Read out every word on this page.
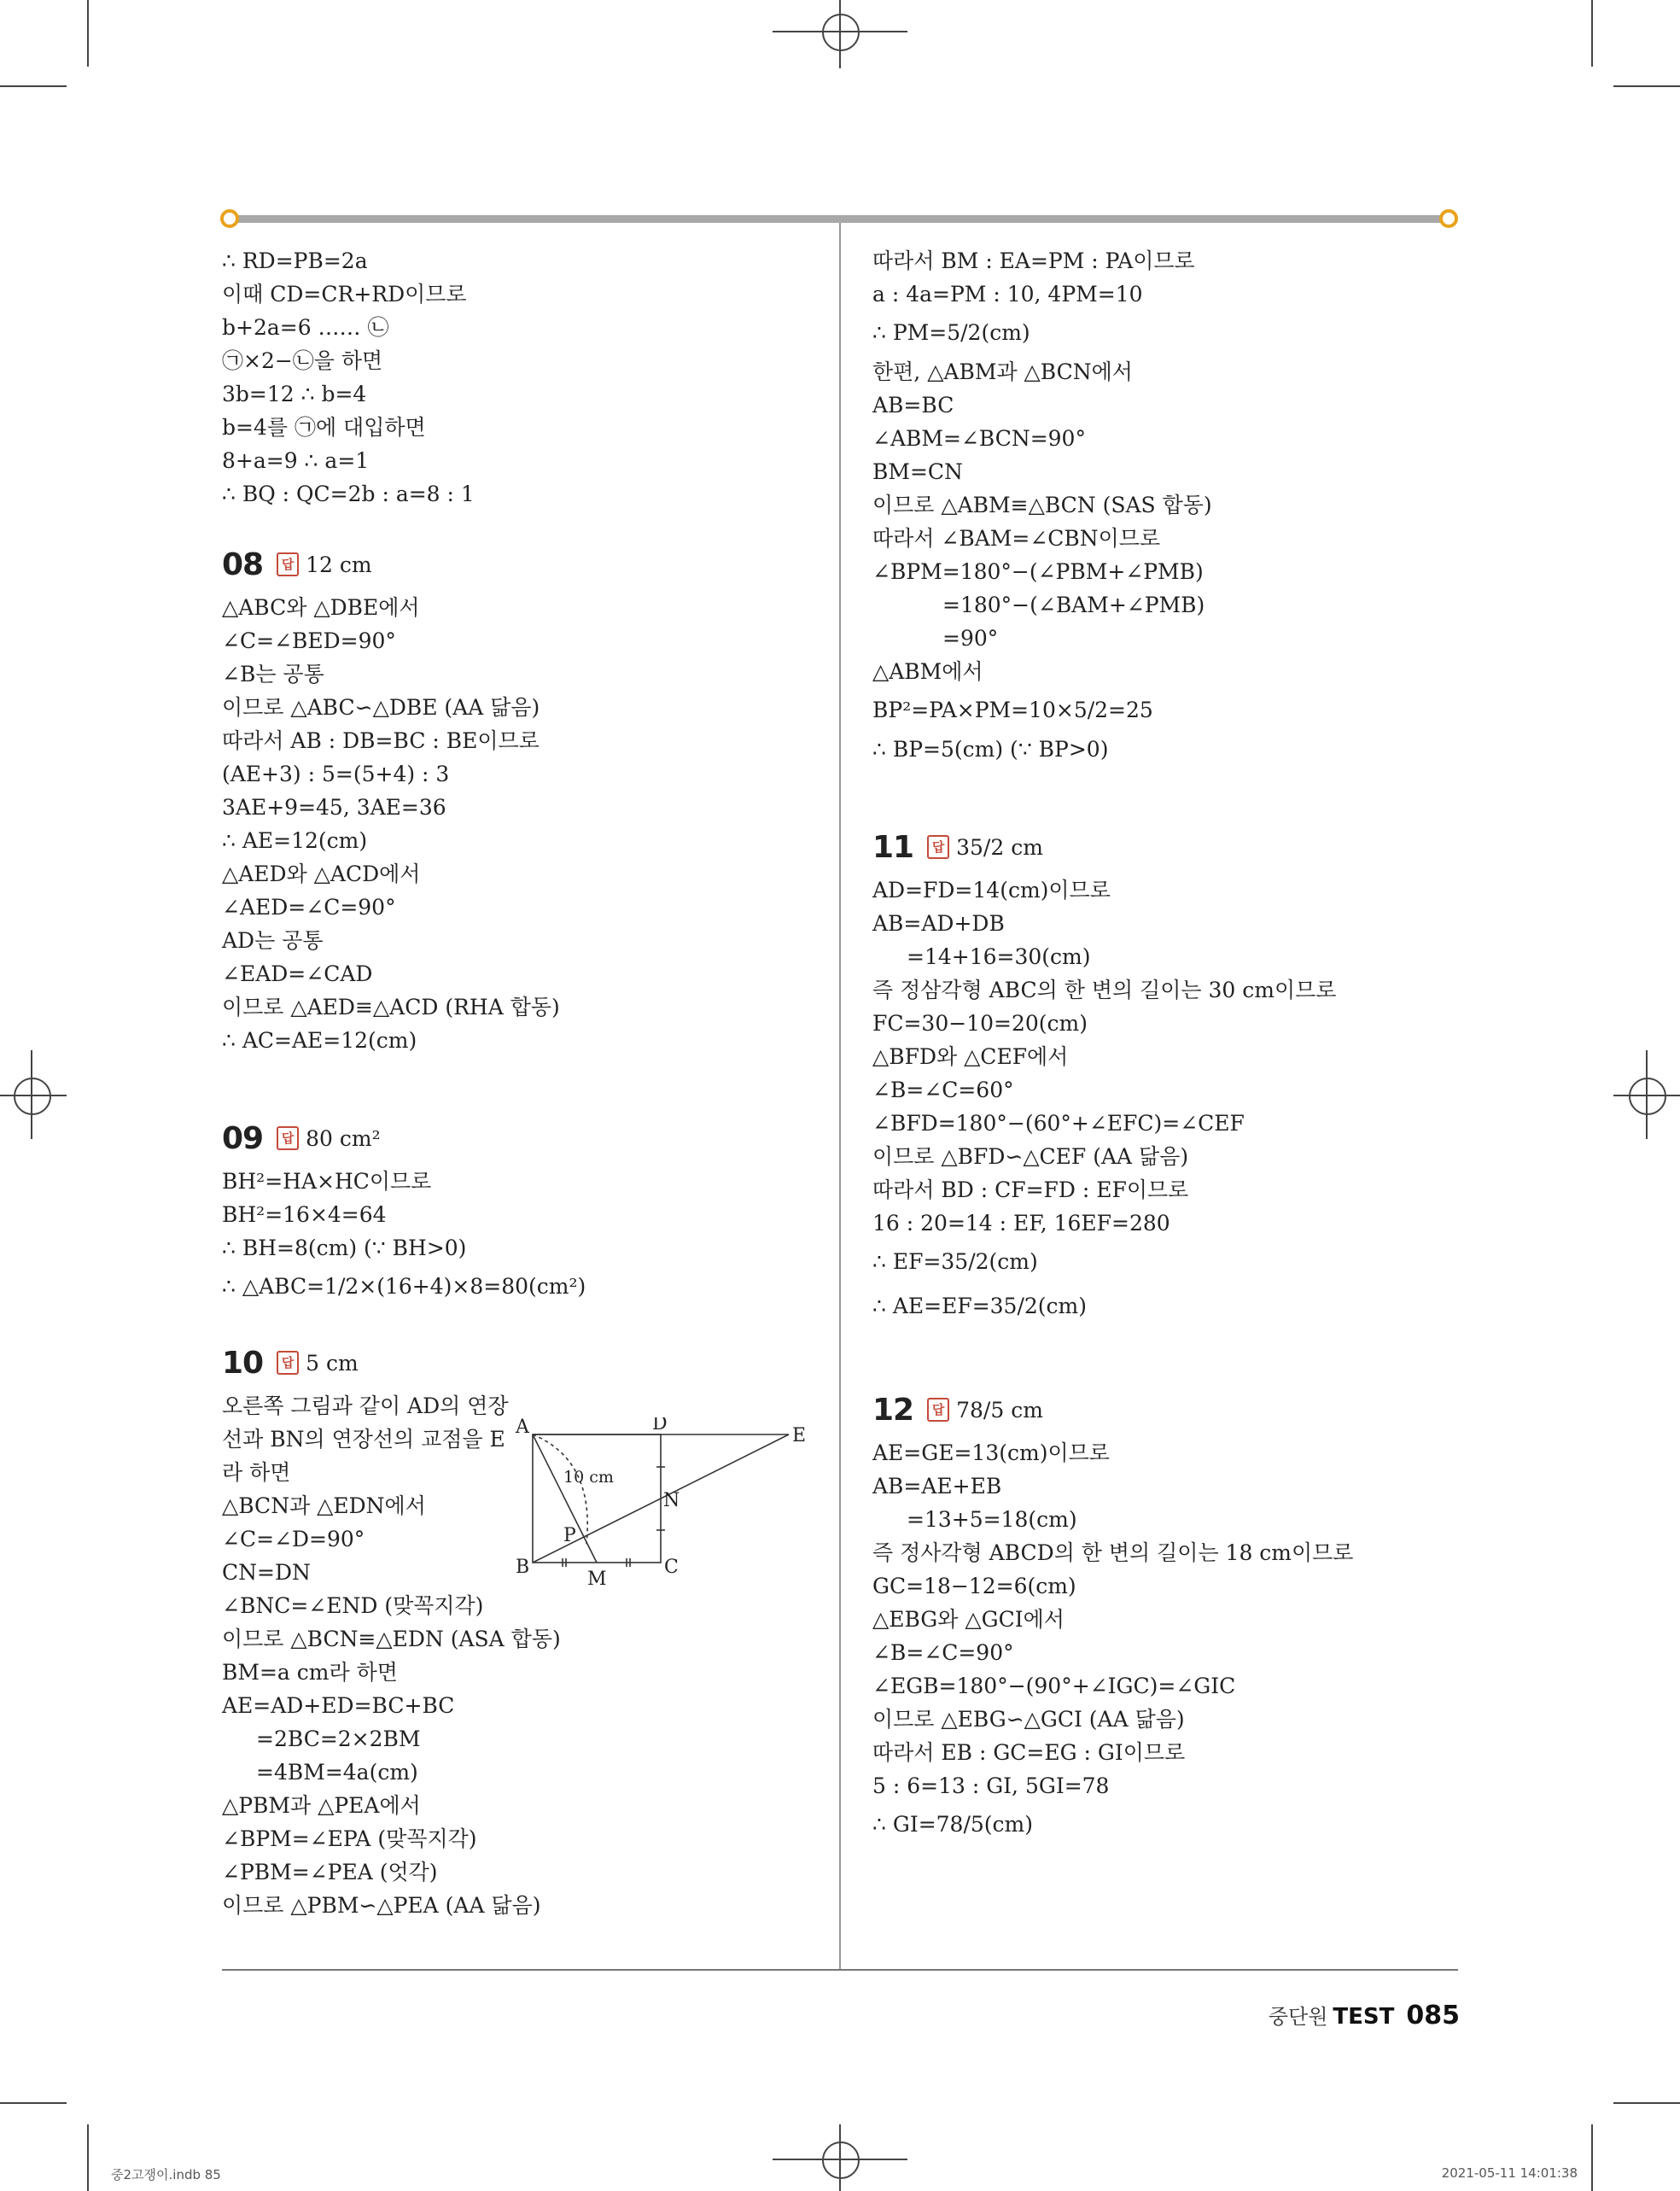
∴ RD=PB=2a
이때 CD=CR+RD이므로
b+2a=6 …… ㉡
㉠×2−㉡을 하면
3b=12 ∴ b=4
b=4를 ㉠에 대입하면
8+a=9 ∴ a=1
∴ BQ : QC=2b : a=8 : 1
08	답 12 cm
△ABC와 △DBE에서
∠C=∠BED=90°
∠B는 공통
이므로 △ABC∽△DBE (AA 닮음)
따라서 AB : DB=BC : BE이므로
(AE+3) : 5=(5+4) : 3
3AE+9=45, 3AE=36
∴ AE=12(cm)
△AED와 △ACD에서
∠AED=∠C=90°
AD는 공통
∠EAD=∠CAD
이므로 △AED≡△ACD (RHA 합동)
∴ AC=AE=12(cm)
09	답 80 cm²
BH²=HA×HC이므로
BH²=16×4=64
∴ BH=8(cm) (∵ BH>0)
∴ △ABC=1/2×(16+4)×8=80(cm²)
10	답 5 cm
오른쪽 그림과 같이 AD의 연장
선과 BN의 연장선의 교점을 E
라 하면
△BCN과 △EDN에서
∠C=∠D=90°
CN=DN
∠BNC=∠END (맞꼭지각)
이므로 △BCN≡△EDN (ASA 합동)
BM=a cm라 하면
AE=AD+ED=BC+BC
=2BC=2×2BM
=4BM=4a(cm)
△PBM과 △PEA에서
∠BPM=∠EPA (맞꼭지각)
∠PBM=∠PEA (엇각)
이므로 △PBM∽△PEA (AA 닮음)
A	D
E
B	C
M
N
P
10 cm
따라서 BM : EA=PM : PA이므로
a : 4a=PM : 10, 4PM=10
∴ PM=5/2(cm)
한편, △ABM과 △BCN에서
AB=BC
∠ABM=∠BCN=90°
BM=CN
이므로 △ABM≡△BCN (SAS 합동)
따라서 ∠BAM=∠CBN이므로
∠BPM=180°−(∠PBM+∠PMB)
=180°−(∠BAM+∠PMB)
=90°
△ABM에서
BP²=PA×PM=10×5/2=25
∴ BP=5(cm) (∵ BP>0)
11	답 35/2 cm
AD=FD=14(cm)이므로
AB=AD+DB
=14+16=30(cm)
즉 정삼각형 ABC의 한 변의 길이는 30 cm이므로
FC=30−10=20(cm)
△BFD와 △CEF에서
∠B=∠C=60°
∠BFD=180°−(60°+∠EFC)=∠CEF
이므로 △BFD∽△CEF (AA 닮음)
따라서 BD : CF=FD : EF이므로
16 : 20=14 : EF, 16EF=280
∴ EF=35/2(cm)
∴ AE=EF=35/2(cm)
12	답 78/5 cm
AE=GE=13(cm)이므로
AB=AE+EB
=13+5=18(cm)
즉 정사각형 ABCD의 한 변의 길이는 18 cm이므로
GC=18−12=6(cm)
△EBG와 △GCI에서
∠B=∠C=90°
∠EGB=180°−(90°+∠IGC)=∠GIC
이므로 △EBG∽△GCI (AA 닮음)
따라서 EB : GC=EG : GI이므로
5 : 6=13 : GI, 5GI=78
∴ GI=78/5(cm)
중단원 TEST 085
중2고쟁이.indb 85	2021-05-11 14:01:38
